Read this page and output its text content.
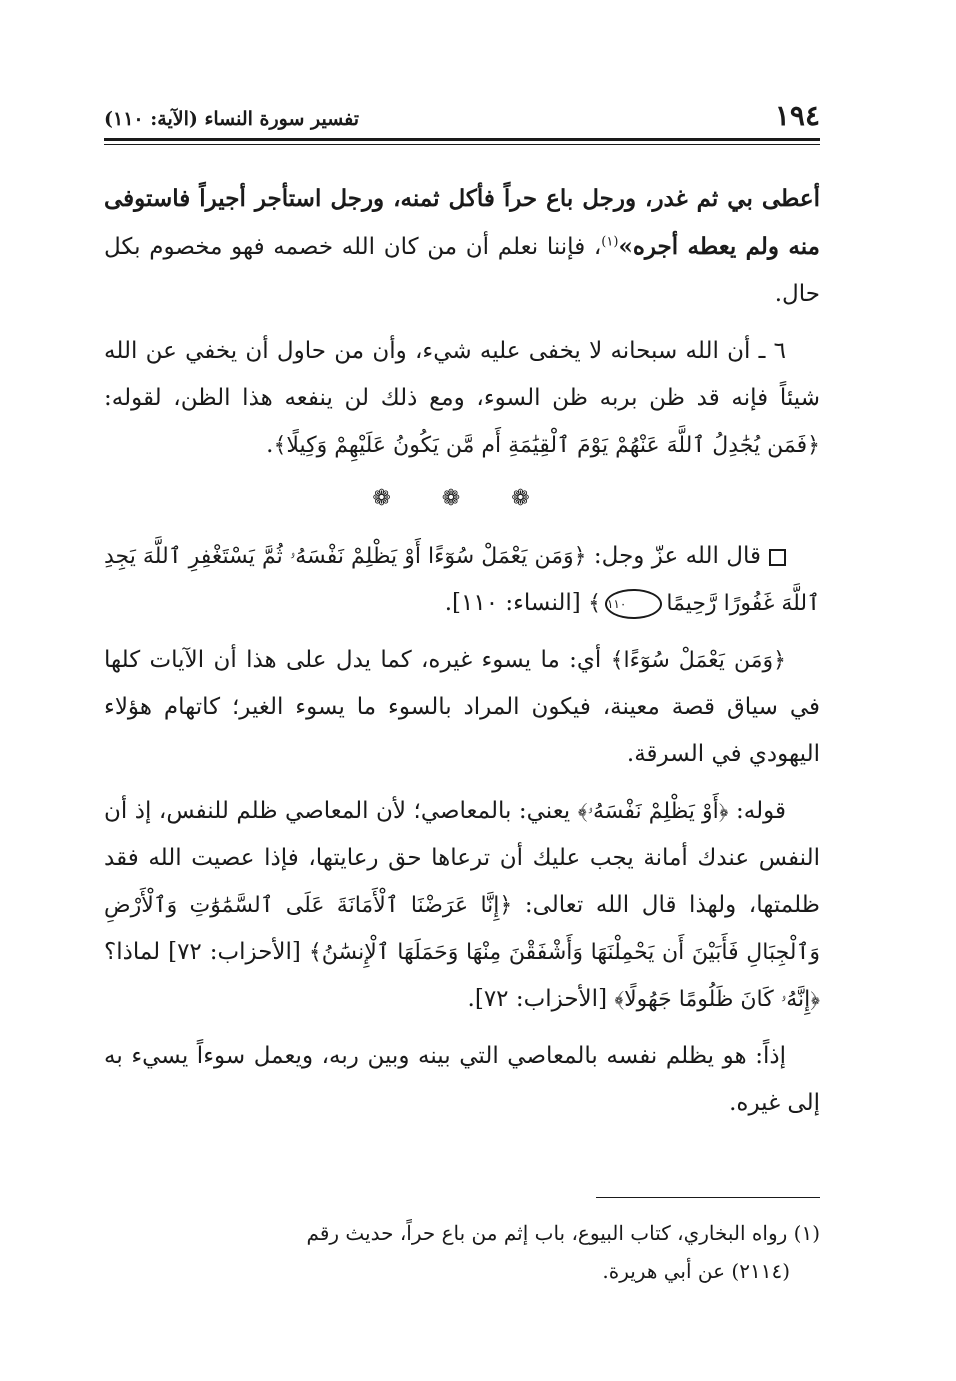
١٩٤
تفسير سورة النساء (الآية: ١١٠)

أعطى بي ثم غدر، ورجل باع حراً فأكل ثمنه، ورجل استأجر أجيراً فاستوفى منه ولم يعطه أجره»$^{(١)}$، فإننا نعلم أن من كان الله خصمه فهو مخصوم بكل حال.

٦ ـ أن الله سبحانه لا يخفى عليه شيء، وأن من حاول أن يخفي عن الله شيئاً فإنه قد ظن بربه ظن السوء، ومع ذلك لن ينفعه هذا الظن، لقوله: ﴿فَمَن يُجَٰدِلُ ٱللَّهَ عَنْهُمْ يَوْمَ ٱلْقِيَٰمَةِ أَم مَّن يَكُونُ عَلَيْهِمْ وَكِيلًا﴾.

❁ ❁ ❁

قال الله عزّ وجل: ﴿وَمَن يَعْمَلْ سُوٓءًا أَوْ يَظْلِمْ نَفْسَهُۥ ثُمَّ يَسْتَغْفِرِ ٱللَّهَ يَجِدِ ٱللَّهَ غَفُورًا رَّحِيمًا١١٠﴾ [النساء: ١١٠].

﴿وَمَن يَعْمَلْ سُوٓءًا﴾ أي: ما يسوء غيره، كما يدل على هذا أن الآيات كلها في سياق قصة معينة، فيكون المراد بالسوء ما يسوء الغير؛ كاتهام هؤلاء اليهودي في السرقة.

قوله: ﴿أَوْ يَظْلِمْ نَفْسَهُۥ﴾ يعني: بالمعاصي؛ لأن المعاصي ظلم للنفس، إذ أن النفس عندك أمانة يجب عليك أن ترعاها حق رعايتها، فإذا عصيت الله فقد ظلمتها، ولهذا قال الله تعالى: ﴿إِنَّا عَرَضْنَا ٱلْأَمَانَةَ عَلَى ٱلسَّمَٰوَٰتِ وَٱلْأَرْضِ وَٱلْجِبَالِ فَأَبَيْنَ أَن يَحْمِلْنَهَا وَأَشْفَقْنَ مِنْهَا وَحَمَلَهَا ٱلْإِنسَٰنُ﴾ [الأحزاب: ٧٢] لماذا؟ ﴿إِنَّهُۥ كَانَ ظَلُومًا جَهُولًا﴾ [الأحزاب: ٧٢].

إذاً: هو يظلم نفسه بالمعاصي التي بينه وبين ربه، ويعمل سوءاً يسيء به إلى غيره.

(١) رواه البخاري، كتاب البيوع، باب إثم من باع حراً، حديث رقم
(٢١١٤) عن أبي هريرة.
